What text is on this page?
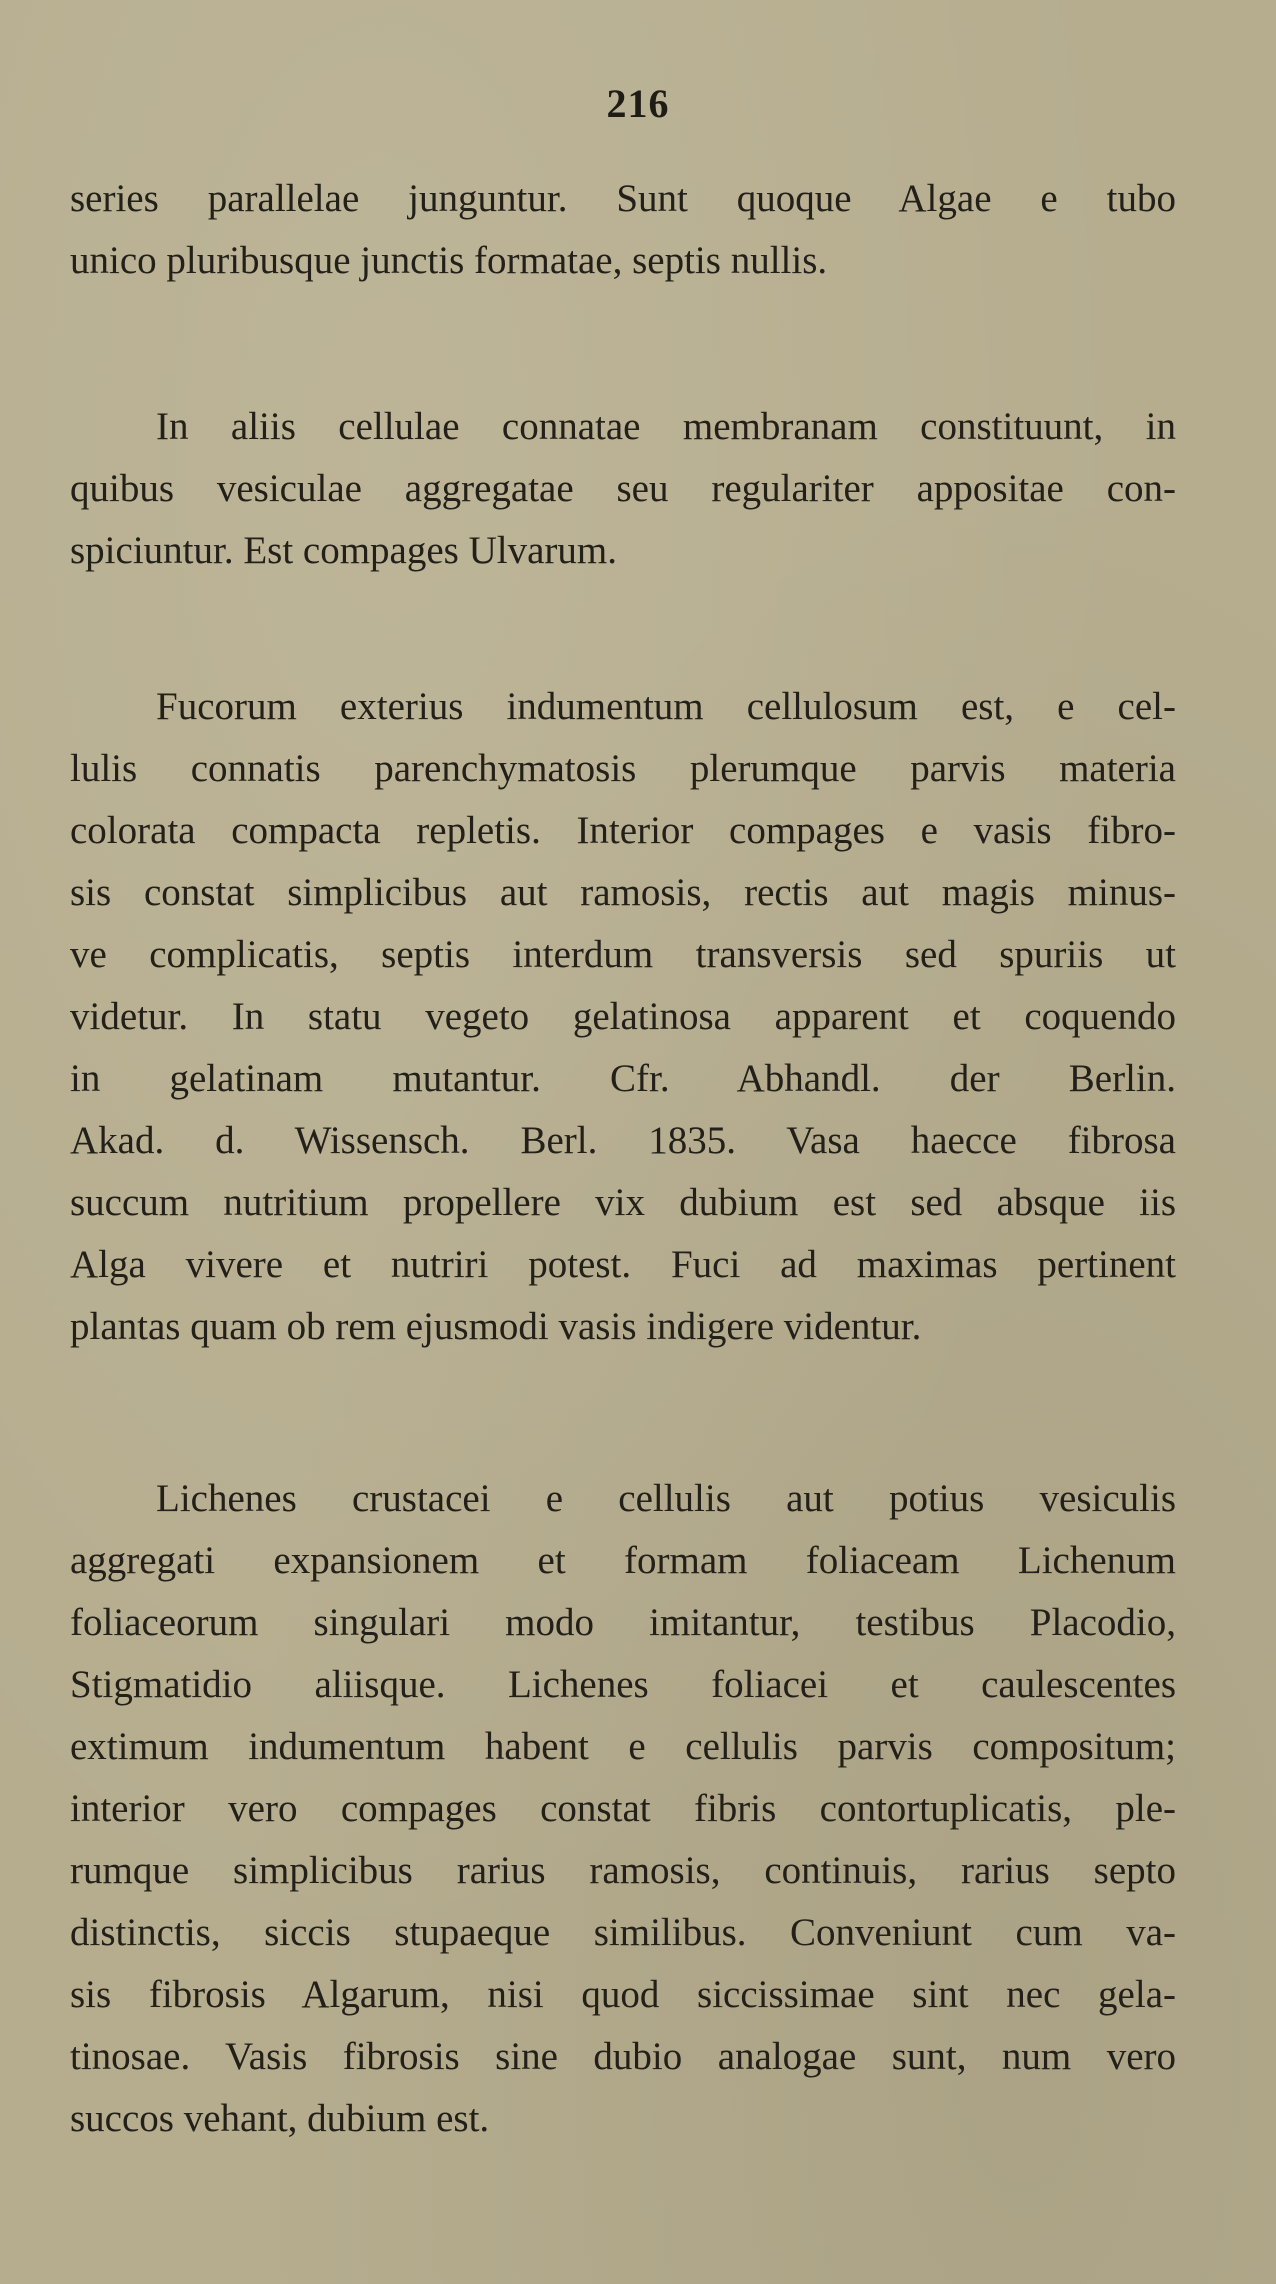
216
series parallelae junguntur. Sunt quoque Algae e tubo
unico pluribusque junctis formatae, septis nullis.
In aliis cellulae connatae membranam constituunt, in
quibus vesiculae aggregatae seu regulariter appositae con-
spiciuntur. Est compages Ulvarum.
Fucorum exterius indumentum cellulosum est, e cel-
lulis connatis parenchymatosis plerumque parvis materia
colorata compacta repletis. Interior compages e vasis fibro-
sis constat simplicibus aut ramosis, rectis aut magis minus-
ve complicatis, septis interdum transversis sed spuriis ut
videtur. In statu vegeto gelatinosa apparent et coquendo
in gelatinam mutantur. Cfr. Abhandl. der Berlin.
Akad. d. Wissensch. Berl. 1835. Vasa haecce fibrosa
succum nutritium propellere vix dubium est sed absque iis
Alga vivere et nutriri potest. Fuci ad maximas pertinent
plantas quam ob rem ejusmodi vasis indigere videntur.
Lichenes crustacei e cellulis aut potius vesiculis
aggregati expansionem et formam foliaceam Lichenum
foliaceorum singulari modo imitantur, testibus Placodio,
Stigmatidio aliisque. Lichenes foliacei et caulescentes
extimum indumentum habent e cellulis parvis compositum;
interior vero compages constat fibris contortuplicatis, ple-
rumque simplicibus rarius ramosis, continuis, rarius septo
distinctis, siccis stupaeque similibus. Conveniunt cum va-
sis fibrosis Algarum, nisi quod siccissimae sint nec gela-
tinosae. Vasis fibrosis sine dubio analogae sunt, num vero
succos vehant, dubium est.
